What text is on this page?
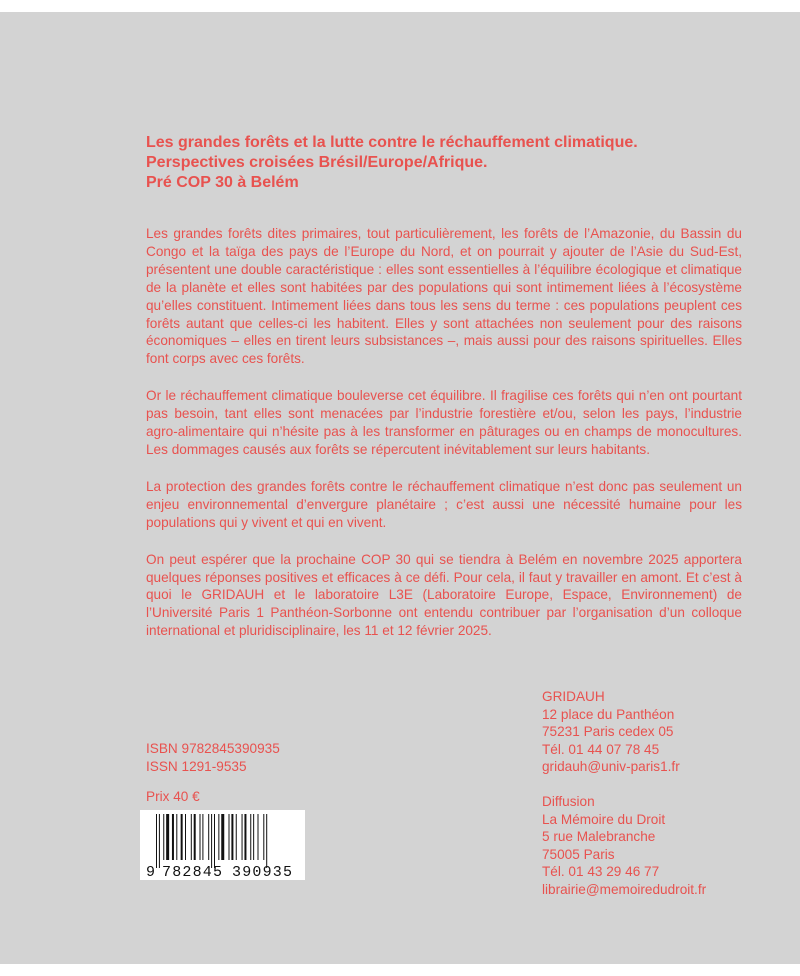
Les grandes forêts et la lutte contre le réchauffement climatique.
Perspectives croisées Brésil/Europe/Afrique.
Pré COP 30 à Belém

Les grandes forêts dites primaires, tout particulièrement, les forêts de l’Amazonie, du Bassin du Congo et la taïga des pays de l’Europe du Nord, et on pourrait y ajouter de l’Asie du Sud-Est, présentent une double caractéristique : elles sont essentielles à l’équilibre écologique et climatique de la planète et elles sont habitées par des populations qui sont intimement liées à l’écosystème qu’elles constituent. Intimement liées dans tous les sens du terme : ces populations peuplent ces forêts autant que celles-ci les habitent. Elles y sont attachées non seulement pour des raisons économiques – elles en tirent leurs subsistances –, mais aussi pour des raisons spirituelles. Elles font corps avec ces forêts.

Or le réchauffement climatique bouleverse cet équilibre. Il fragilise ces forêts qui n’en ont pourtant pas besoin, tant elles sont menacées par l’industrie forestière et/ou, selon les pays, l’industrie agro-alimentaire qui n’hésite pas à les transformer en pâturages ou en champs de monocultures. Les dommages causés aux forêts se répercutent inévitablement sur leurs habitants.

La protection des grandes forêts contre le réchauffement climatique n’est donc pas seulement un enjeu environnemental d’envergure planétaire ; c’est aussi une nécessité humaine pour les populations qui y vivent et qui en vivent.

On peut espérer que la prochaine COP 30 qui se tiendra à Belém en novembre 2025 apportera quelques réponses positives et efficaces à ce défi. Pour cela, il faut y travailler en amont. Et c’est à quoi le GRIDAUH et le laboratoire L3E (Laboratoire Europe, Espace, Environnement) de l’Université Paris 1 Panthéon-Sorbonne ont entendu contribuer par l’organisation d’un colloque international et pluridisciplinaire, les 11 et 12 février 2025.

GRIDAUH
12 place du Panthéon
75231 Paris cedex 05
Tél. 01 44 07 78 45
gridauh@univ-paris1.fr
Diffusion
La Mémoire du Droit
5 rue Malebranche
75005 Paris
Tél. 01 43 29 46 77
librairie@memoiredudroit.fr
ISBN 9782845390935
ISSN 1291-9535
Prix 40 €
9 782845 390935
